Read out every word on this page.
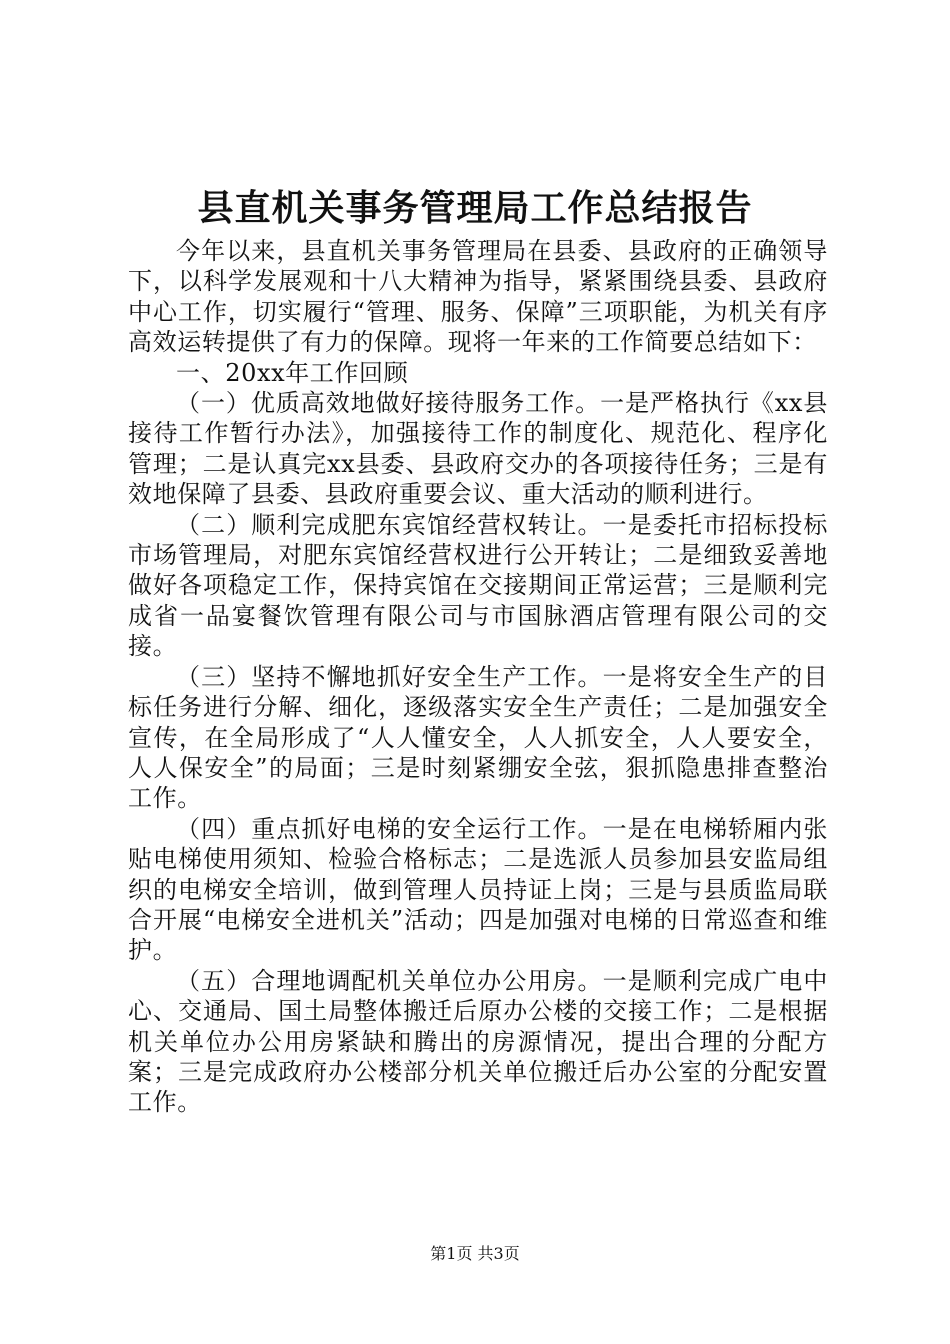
县直机关事务管理局工作总结报告

今年以来，县直机关事务管理局在县委、县政府的正确领导下，以科学发展观和十八大精神为指导，紧紧围绕县委、县政府中心工作，切实履行“管理、服务、保障”三项职能，为机关有序高效运转提供了有力的保障。现将一年来的工作简要总结如下：

一、20xx年工作回顾

（一）优质高效地做好接待服务工作。一是严格执行《xx县接待工作暂行办法》，加强接待工作的制度化、规范化、程序化管理；二是认真完xx县委、县政府交办的各项接待任务；三是有效地保障了县委、县政府重要会议、重大活动的顺利进行。

（二）顺利完成肥东宾馆经营权转让。一是委托市招标投标市场管理局，对肥东宾馆经营权进行公开转让；二是细致妥善地做好各项稳定工作，保持宾馆在交接期间正常运营；三是顺利完成省一品宴餐饮管理有限公司与市国脉酒店管理有限公司的交接。

（三）坚持不懈地抓好安全生产工作。一是将安全生产的目标任务进行分解、细化，逐级落实安全生产责任；二是加强安全宣传，在全局形成了“人人懂安全，人人抓安全，人人要安全，人人保安全”的局面；三是时刻紧绷安全弦，狠抓隐患排查整治工作。

（四）重点抓好电梯的安全运行工作。一是在电梯轿厢内张贴电梯使用须知、检验合格标志；二是选派人员参加县安监局组织的电梯安全培训，做到管理人员持证上岗；三是与县质监局联合开展“电梯安全进机关”活动；四是加强对电梯的日常巡查和维护。

（五）合理地调配机关单位办公用房。一是顺利完成广电中心、交通局、国土局整体搬迁后原办公楼的交接工作；二是根据机关单位办公用房紧缺和腾出的房源情况，提出合理的分配方案；三是完成政府办公楼部分机关单位搬迁后办公室的分配安置工作。

第1页 共3页
